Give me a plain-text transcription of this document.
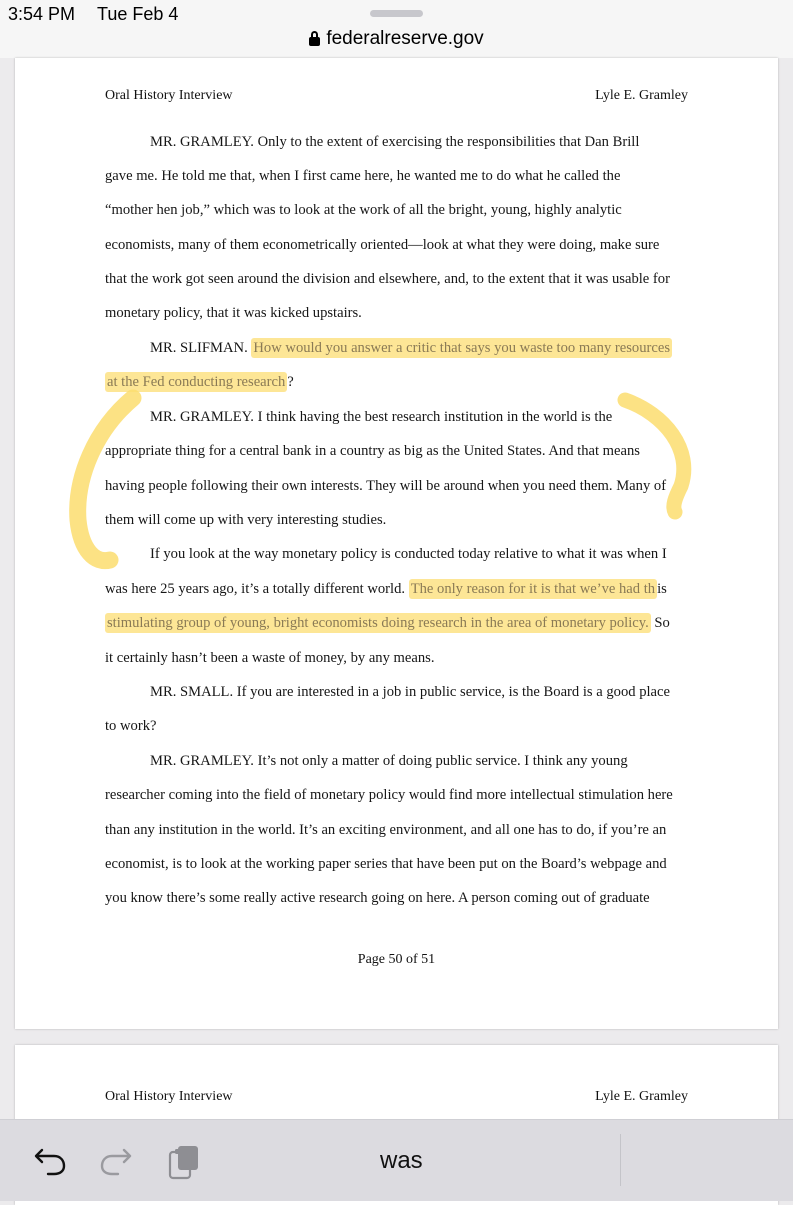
3:54 PM Tue Feb 4
federalreserve.gov
Oral History Interview	Lyle E. Gramley
MR. GRAMLEY. Only to the extent of exercising the responsibilities that Dan Brill
gave me. He told me that, when I first came here, he wanted me to do what he called the
“mother hen job,” which was to look at the work of all the bright, young, highly analytic
economists, many of them econometrically oriented—look at what they were doing, make sure
that the work got seen around the division and elsewhere, and, to the extent that it was usable for
monetary policy, that it was kicked upstairs.
MR. SLIFMAN. How would you answer a critic that says you waste too many resources
at the Fed conducting research ?
MR. GRAMLEY. I think having the best research institution in the world is the
appropriate thing for a central bank in a country as big as the United States. And that means
having people following their own interests. They will be around when you need them. Many of
them will come up with very interesting studies.
If you look at the way monetary policy is conducted today relative to what it was when I
was here 25 years ago, it’s a totally different world. The only reason for it is that we’ve had th is
stimulating group of young, bright economists doing research in the area of monetary policy. So
it certainly hasn’t been a waste of money, by any means.
MR. SMALL. If you are interested in a job in public service, is the Board is a good place
to work?
MR. GRAMLEY. It’s not only a matter of doing public service. I think any young
researcher coming into the field of monetary policy would find more intellectual stimulation here
than any institution in the world. It’s an exciting environment, and all one has to do, if you’re an
economist, is to look at the working paper series that have been put on the Board’s webpage and
you know there’s some really active research going on here. A person coming out of graduate
Page 50 of 51
Oral History Interview	Lyle E. Gramley
was
